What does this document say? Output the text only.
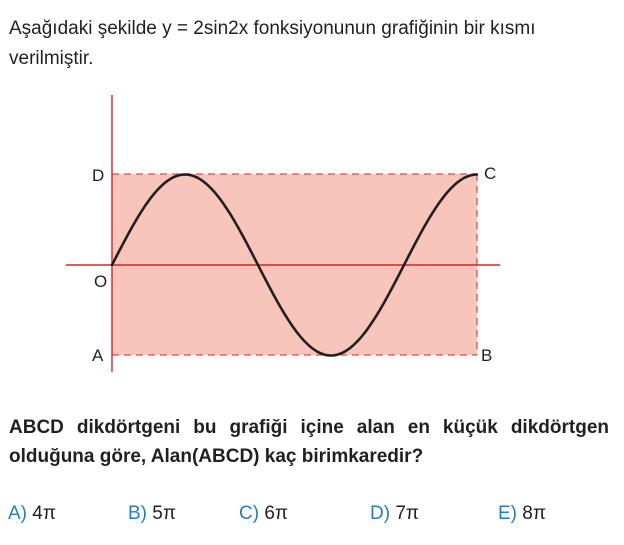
Aşağıdaki şekilde y = 2sin2x fonksiyonunun grafiğinin bir kısmı verilmiştir.

D	C
O
A	B

ABCD dikdörtgeni bu grafiği içine alan en küçük dikdörtgen olduğuna göre, Alan(ABCD) kaç birimkaredir?

A) 4π	B) 5π	C) 6π	D) 7π	E) 8π
